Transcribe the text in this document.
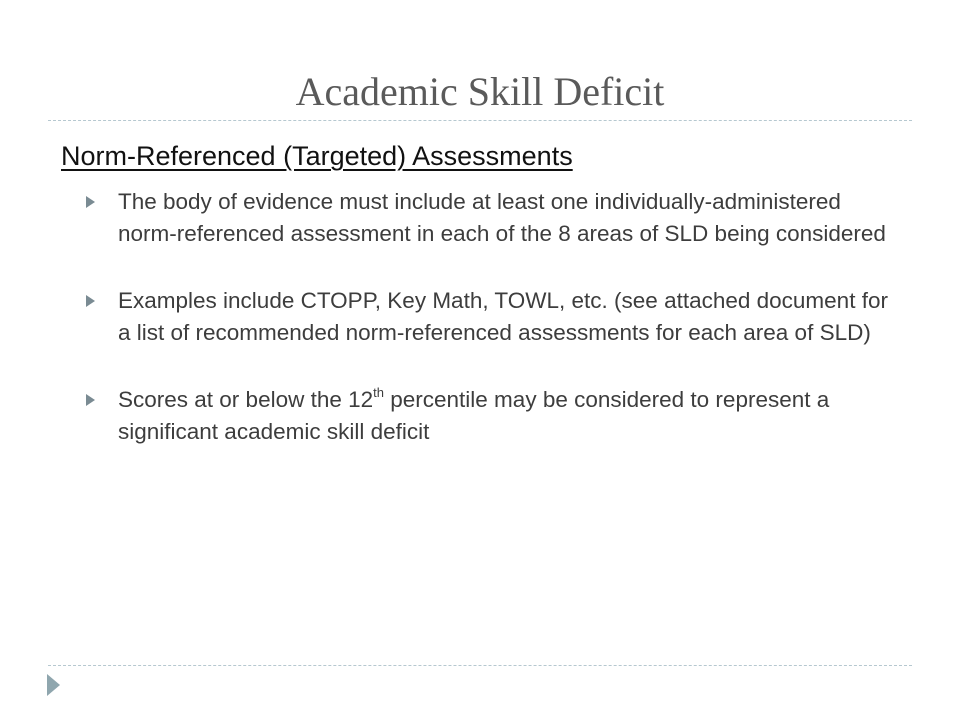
Academic Skill Deficit
Norm-Referenced (Targeted) Assessments
The body of evidence must include at least one individually-administered norm-referenced assessment in each of the 8 areas of SLD being considered
Examples include CTOPP, Key Math, TOWL, etc. (see attached document for a list of recommended norm-referenced assessments for each area of SLD)
Scores at or below the 12th percentile may be considered to represent a significant academic skill deficit
